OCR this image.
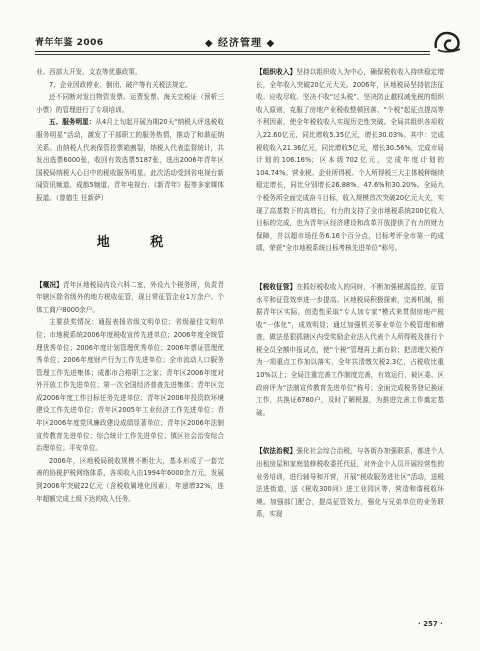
青年年鉴 2006	◆ 经济管理 ◆

业、西部大开发、支农等优惠政策。

7、企业因政停业、倒闭、破产等有关税法规定。

还不同断对发目物资发票、运费发票、海关完税证（预析三小票）的管理进行了专项培训。

五、服务明星：从4月上旬起开展为期20天“纳税人评选税收服务明星”活动，激发了干部职工的服务热情，推动了和谐征纳关系。由纳税人代表保管投票箱割裂，纳税人代表监督统计，共发出选票6000张，收回有效选票5187张，选出2006年青年区国税局纳税人心目中的税收服务明星。此次活动受到省电视台新闻资讯频道、成都5频道、青年电视台、《新青年》报等多家媒体报道。（曾德生 任新萨）

地 税

【概况】青年区地税局内设六科二室，外设九个税务所，负责青年辖区除省级外的地方税收征管，现日常征管企业1万余户、个体工商户8000余户。

主要获奖情况：通报表扬省级文明单位；省级最佳文明单位；市地税系统2006年度税收宣传先进单位；2006年度全统管理优秀单位；2006年度计划管理优秀单位；2006年票证管理优秀单位；2006年度财产行为工作先进单位；全市流动人口服务管理工作先进集体；成都市合格职工之家；青年区2006年度对外开放工作先进单位；第一次全国经济普查先进集体；青年区完成2006年度工作目标任务先进单位；青年区2006年投资软环境建设工作先进单位；青年区2005年工业经济工作先进单位；青年区2006年度党风廉政建设成绩显著单位；青年区2006年法制宣传教育先进单位；综合统计工作先进单位；镇区社会治安综合治理单位；平安单位。

2006年，区地税局税收规模不断壮大，基本形成了一套完善的协税护税网络体系，各项收入由1994年6000余万元，发展到2006年突破22亿元（含税收属地化因素），年递增32%，连年超额完成上级下达的收入任务。

【组织收入】坚持以组织收入为中心，确保税收收入持续稳定增长，全年收入突破20亿元大关。2006年，区地税局坚持依法征收、应收尽收、坚决不收“过头税”、坚决防止越权减免税的组织收入原则，克服了房地产业税收整顿回落、“个税”起征点提高等不利因素，使全年税收收入实现历史性突破。全局共组织各项收入22.60亿元，同比增收5.35亿元，增长30.03%。其中：完成税收收入21.36亿元，同比增收5亿元，增长30.56%，完成市局计划的106.16%；区本级702亿元，完成年度计划的104.74%。营业税、企业所得税、个人所得税三大主体税种继续稳定增长，同比分别增长26.88%、47.6%和30.20%。全局九个税务所全面完成奋斗目标，收入规模首次突破20亿元大关，实现了高基数下的高增长，有力的支持了全市地税系统200亿收入目标的完成，也为青年区经济建设和改革开放提供了有力的财力保障，并以超市场任务6.16个百分点，目标考评全市第一的成绩，荣获“全市地税系统目标考核先进单位”称号。

【税收征管】在抓好税收收入的同时，不断加强税源监控，征管水平和征管效率进一步提高。区地税局积极探索，完善机制，根据青年区实际，创造性采取“专人加专家”模式来贯彻房地产税收“一体化”，成效明显；通过加强机关事业单位个税管理和稽查，做法是狠抓辖区内受奖励企业法人代表个人所得税及推行个税全员全额申报试点，使“个税”管理再上新台阶；把清理欠税作为一项重点工作加以落实，全年共清缴欠税2.3亿，占税收比重10%以上；全局注重完善工作制度完善，有效运行，被区委、区政府评为“法制宣传教育先进单位”称号；全面完成税务登记换证工作，共换证6780户，及时了解税源，为推进完善工作奠定基础。

【依法治税】强化社会综合治税，与各街办加强联系，都进个人出租房屋和家庭装修税收委托代征，对外企个人员开展经营性的业务培训，进行辅导和开营，开展“税收服务进社区”活动，送税法进街道，送《税收300问》进工业园区等，营造和谐税收环境。加强部门配合，提高征管效力，强化与兄弟单位的业务联系，实现

· 257 ·
